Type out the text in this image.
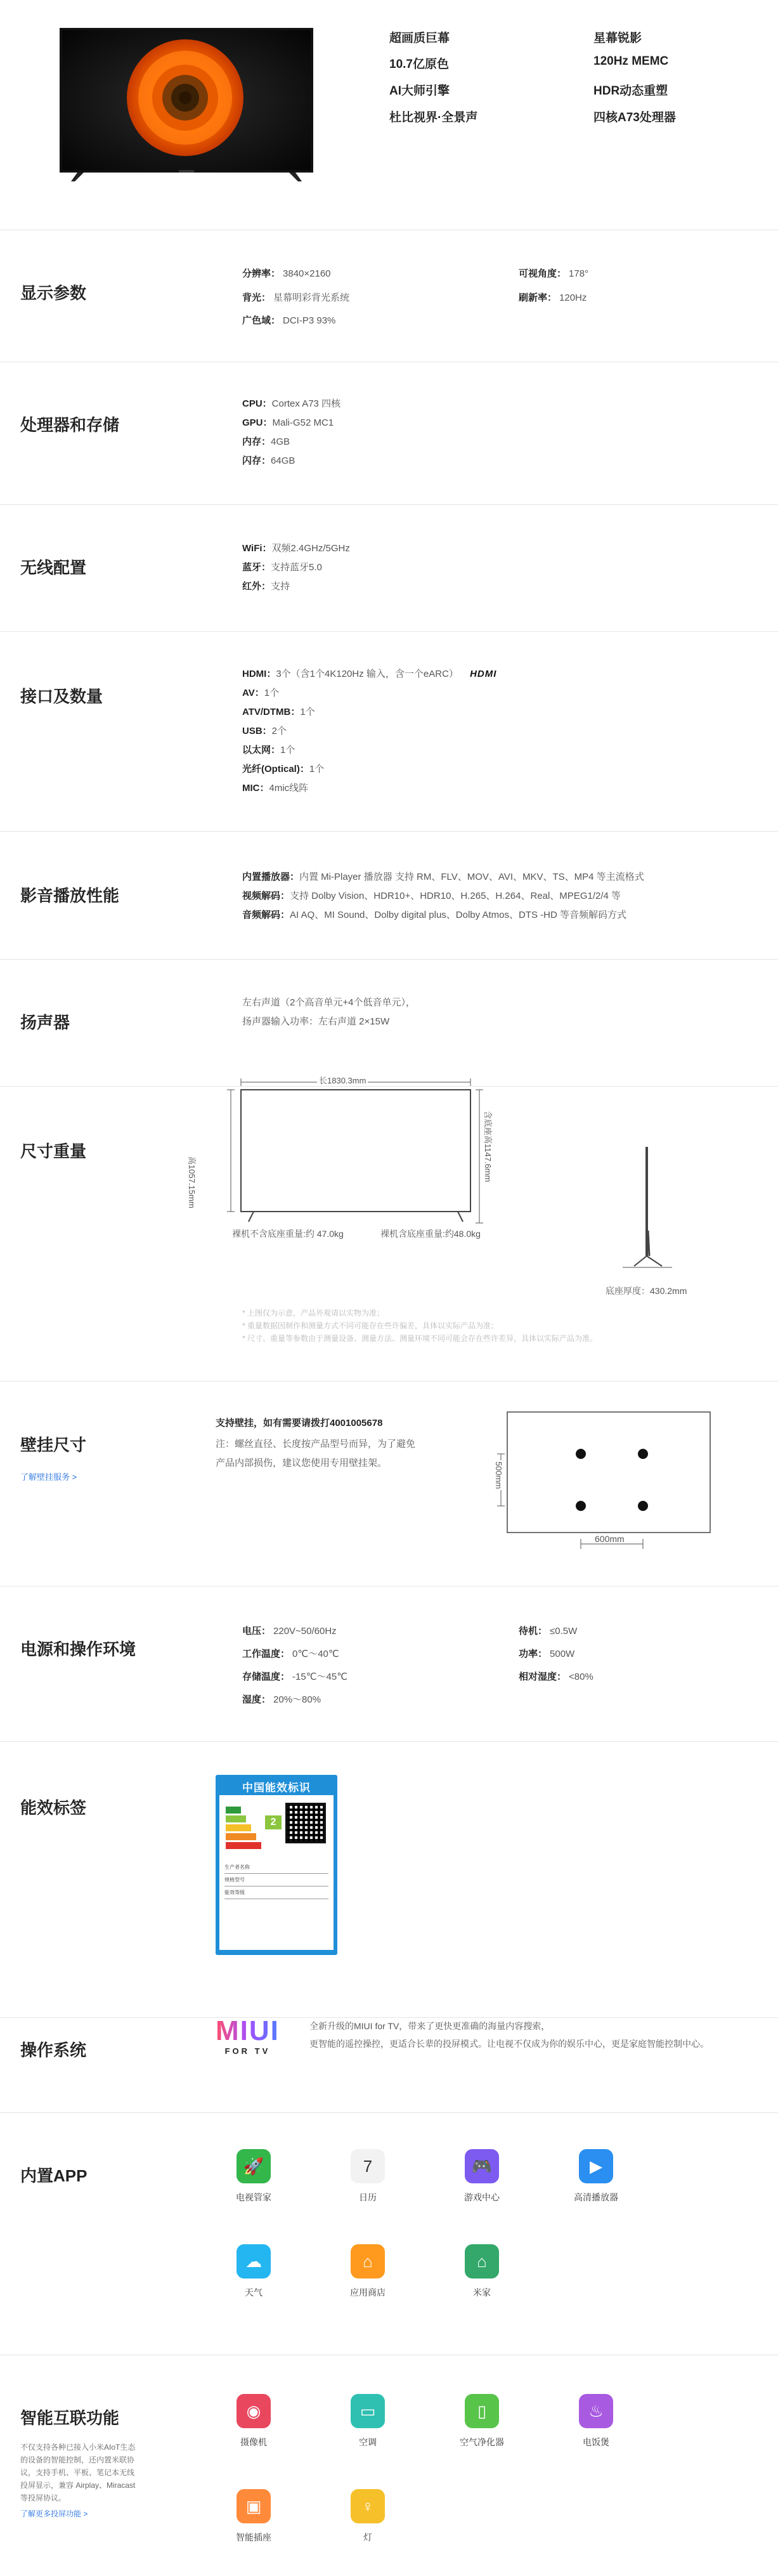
超画质巨幕	星幕锐影
10.7亿原色	120Hz MEMC
AI大师引擎	HDR动态重塑
杜比视界·全景声	四核A73处理器
显示参数
分辨率： 3840×2160	可视角度： 178°
背光： 星幕明彩背光系统	刷新率： 120Hz
广色域： DCI-P3 93%
处理器和存储
CPU：Cortex A73 四核
GPU：Mali-G52 MC1
内存：4GB
闪存：64GB
无线配置
WiFi：双频2.4GHz/5GHz
蓝牙：支持蓝牙5.0
红外：支持
接口及数量
HDMI：3个（含1个4K120Hz 输入，含一个eARC） HDMI
AV：1个
ATV/DTMB：1个
USB：2个
以太网：1个
光纤(Optical)：1个
MIC：4mic线阵
影音播放性能
内置播放器：内置 Mi-Player 播放器 支持 RM、FLV、MOV、AVI、MKV、TS、MP4 等主流格式
视频解码：支持 Dolby Vision、HDR10+、HDR10、H.265、H.264、Real、MPEG1/2/4 等
音频解码：AI AQ、MI Sound、Dolby digital plus、Dolby Atmos、DTS -HD 等音频解码方式
扬声器
左右声道（2个高音单元+4个低音单元），
扬声器输入功率：左右声道 2×15W
尺寸重量
长1830.3mm
高1057.15mm
含底座高1147.6mm
裸机不含底座重量:约 47.0kg	裸机含底座重量:约48.0kg
底座厚度：430.2mm
* 上图仅为示意，产品外观请以实物为准；
* 重量数据因制作和测量方式不同可能存在些许偏差，具体以实际产品为准；
* 尺寸、重量等参数由于测量设备、测量方法、测量环境不同可能会存在些许差异，具体以实际产品为准。
壁挂尺寸
了解壁挂服务 >
支持壁挂，如有需要请拨打4001005678
注：螺丝直径、长度按产品型号而异，为了避免
产品内部损伤，建议您使用专用壁挂架。	500mm
600mm
电源和操作环境
电压： 220V~50/60Hz	待机： ≤0.5W
工作温度： 0℃～40℃	功率： 500W
存储温度： -15℃～45℃	相对湿度： <80%
湿度： 20%～80%
能效标签
中国能效标识
2
生产者名称
规格型号
能效等级
操作系统
MIUI
FOR TV
全新升级的MIUI for TV，带来了更快更准确的海量内容搜索，
更智能的遥控操控，更适合长辈的投屏模式。让电视不仅成为你的娱乐中心，更是家庭智能控制中心。
内置APP
🚀
电视管家
7
日历
🎮
游戏中心
▶
高清播放器
☁
天气
⌂
应用商店
⌂
米家
智能互联功能
不仅支持各种已接入小米AIoT生态
的设备的智能控制，还内置米联协
议，支持手机、平板、笔记本无线
投屏显示，兼容 Airplay、Miracast
等投屏协议。
了解更多投屏功能 >
◉
摄像机
▭
空调
▯
空气净化器
♨
电饭煲
▣
智能插座
♀
灯
